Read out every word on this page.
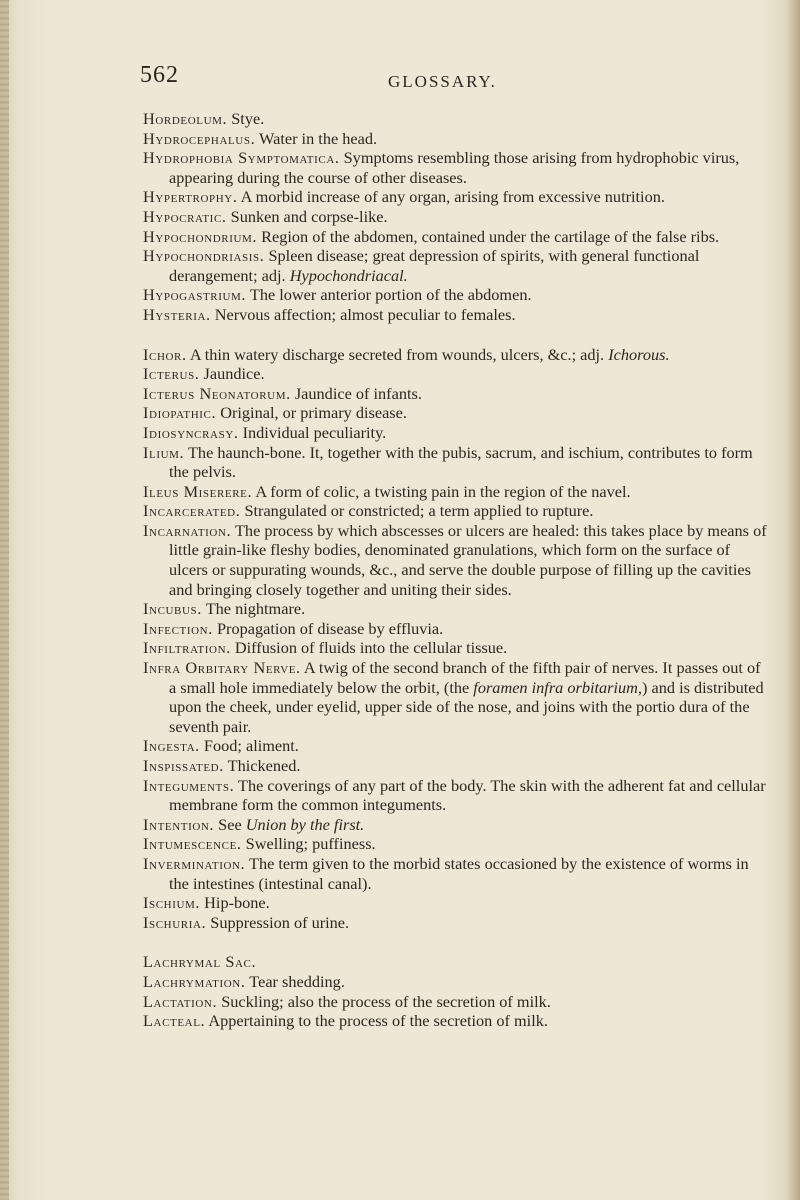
562	GLOSSARY.

Hordeolum. Stye.

Hydrocephalus. Water in the head.

Hydrophobia Symptomatica. Symptoms resembling those arising from hydrophobic virus, appearing during the course of other diseases.

Hypertrophy. A morbid increase of any organ, arising from excessive nutrition.

Hypocratic. Sunken and corpse-like.

Hypochondrium. Region of the abdomen, contained under the cartilage of the false ribs.

Hypochondriasis. Spleen disease; great depression of spirits, with general functional derangement; adj. Hypochondriacal.

Hypogastrium. The lower anterior portion of the abdomen.

Hysteria. Nervous affection; almost peculiar to females.

Ichor. A thin watery discharge secreted from wounds, ulcers, &c.; adj. Ichorous.

Icterus. Jaundice.

Icterus Neonatorum. Jaundice of infants.

Idiopathic. Original, or primary disease.

Idiosyncrasy. Individual peculiarity.

Ilium. The haunch-bone. It, together with the pubis, sacrum, and ischium, contributes to form the pelvis.

Ileus Miserere. A form of colic, a twisting pain in the region of the navel.

Incarcerated. Strangulated or constricted; a term applied to rupture.

Incarnation. The process by which abscesses or ulcers are healed: this takes place by means of little grain-like fleshy bodies, denominated granulations, which form on the surface of ulcers or suppurating wounds, &c., and serve the double purpose of filling up the cavities and bringing closely together and uniting their sides.

Incubus. The nightmare.

Infection. Propagation of disease by effluvia.

Infiltration. Diffusion of fluids into the cellular tissue.

Infra Orbitary Nerve. A twig of the second branch of the fifth pair of nerves. It passes out of a small hole immediately below the orbit, (the foramen infra orbitarium,) and is distributed upon the cheek, under eyelid, upper side of the nose, and joins with the portio dura of the seventh pair.

Ingesta. Food; aliment.

Inspissated. Thickened.

Integuments. The coverings of any part of the body. The skin with the adherent fat and cellular membrane form the common integuments.

Intention. See Union by the first.

Intumescence. Swelling; puffiness.

Invermination. The term given to the morbid states occasioned by the existence of worms in the intestines (intestinal canal).

Ischium. Hip-bone.

Ischuria. Suppression of urine.

Lachrymal Sac.

Lachrymation. Tear shedding.

Lactation. Suckling; also the process of the secretion of milk.

Lacteal. Appertaining to the process of the secretion of milk.
